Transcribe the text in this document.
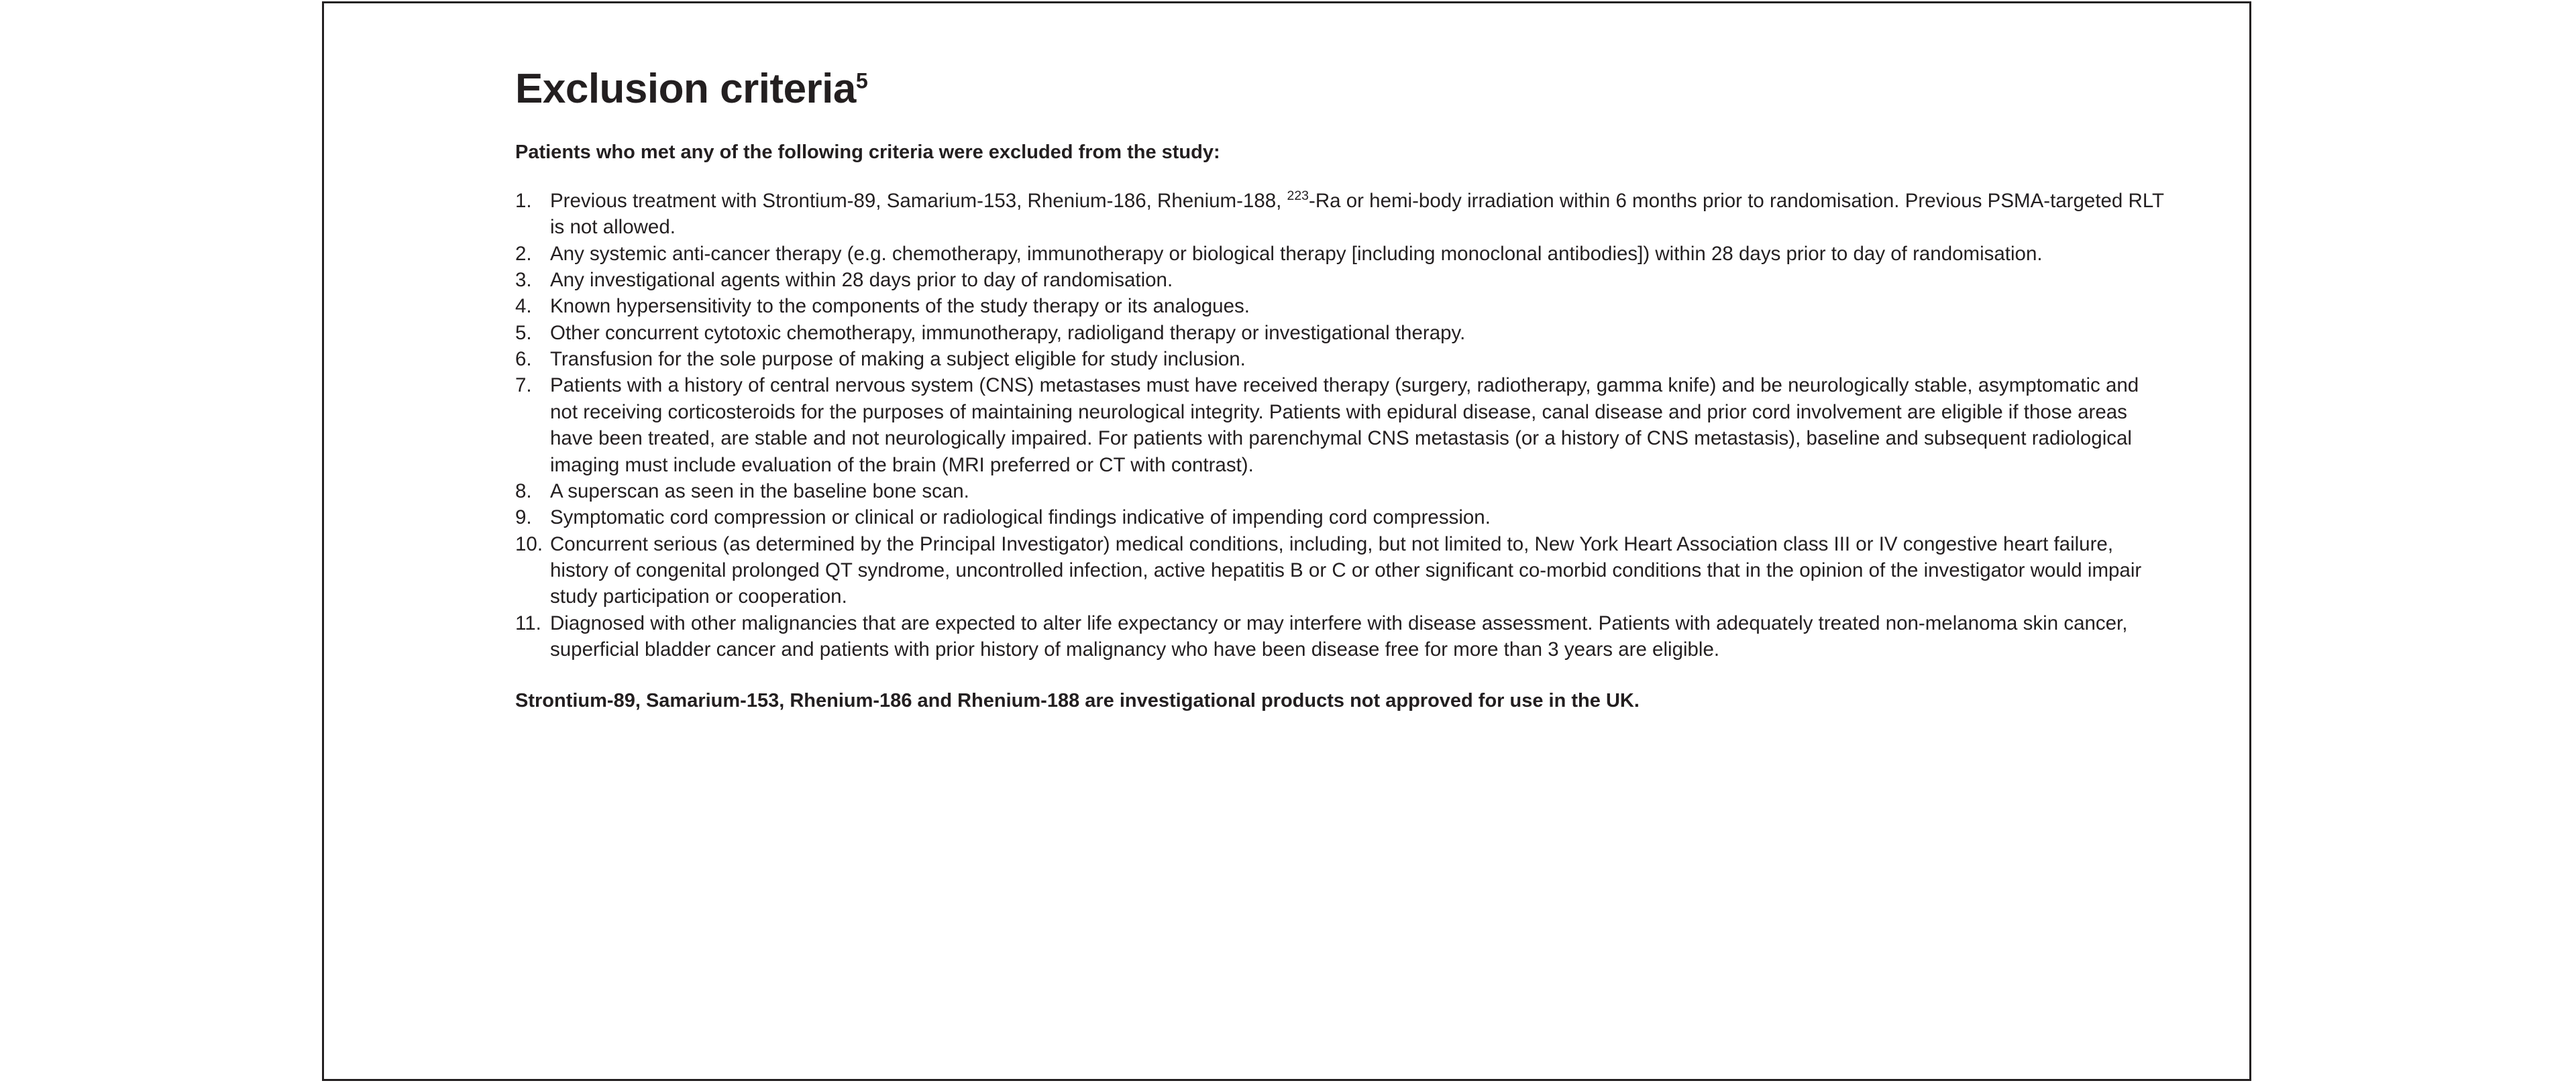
Exclusion criteria$^5$

Patients who met any of the following criteria were excluded from the study:

1. Previous treatment with Strontium-89, Samarium-153, Rhenium-186, Rhenium-188, $^{223}$-Ra or hemi-body irradiation within 6 months prior to randomisation. Previous PSMA-targeted RLT is not allowed.
2. Any systemic anti-cancer therapy (e.g. chemotherapy, immunotherapy or biological therapy [including monoclonal antibodies]) within 28 days prior to day of randomisation.
3. Any investigational agents within 28 days prior to day of randomisation.
4. Known hypersensitivity to the components of the study therapy or its analogues.
5. Other concurrent cytotoxic chemotherapy, immunotherapy, radioligand therapy or investigational therapy.
6. Transfusion for the sole purpose of making a subject eligible for study inclusion.
7. Patients with a history of central nervous system (CNS) metastases must have received therapy (surgery, radiotherapy, gamma knife) and be neurologically stable, asymptomatic and not receiving corticosteroids for the purposes of maintaining neurological integrity. Patients with epidural disease, canal disease and prior cord involvement are eligible if those areas have been treated, are stable and not neurologically impaired. For patients with parenchymal CNS metastasis (or a history of CNS metastasis), baseline and subsequent radiological imaging must include evaluation of the brain (MRI preferred or CT with contrast).
8. A superscan as seen in the baseline bone scan.
9. Symptomatic cord compression or clinical or radiological findings indicative of impending cord compression.
10. Concurrent serious (as determined by the Principal Investigator) medical conditions, including, but not limited to, New York Heart Association class III or IV congestive heart failure, history of congenital prolonged QT syndrome, uncontrolled infection, active hepatitis B or C or other significant co-morbid conditions that in the opinion of the investigator would impair study participation or cooperation.
11. Diagnosed with other malignancies that are expected to alter life expectancy or may interfere with disease assessment. Patients with adequately treated non-melanoma skin cancer, superficial bladder cancer and patients with prior history of malignancy who have been disease free for more than 3 years are eligible.

Strontium-89, Samarium-153, Rhenium-186 and Rhenium-188 are investigational products not approved for use in the UK.
